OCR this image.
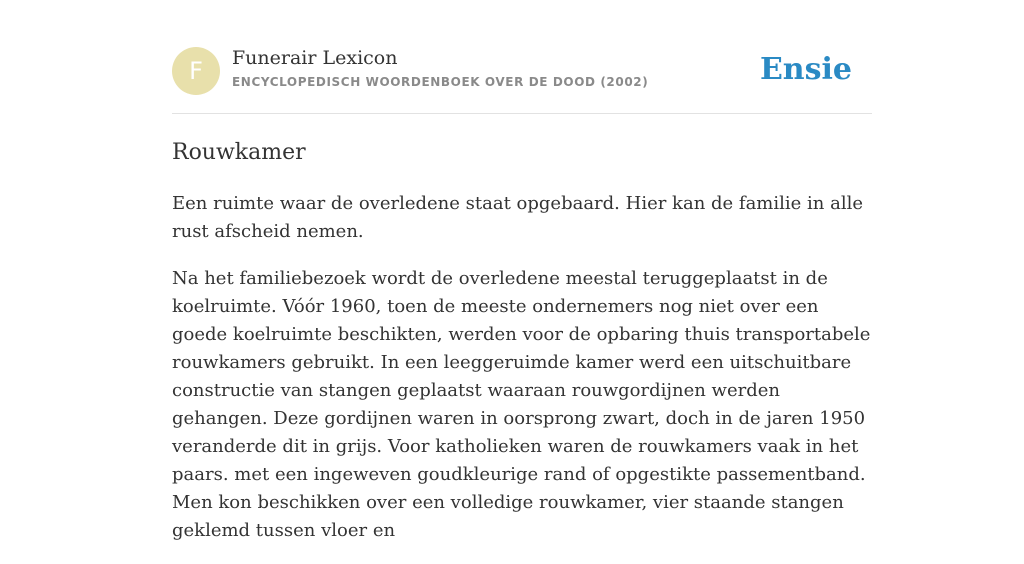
F	Funerair Lexicon
ENCYCLOPEDISCH WOORDENBOEK OVER DE DOOD (2002)	Ensie
Rouwkamer

Een ruimte waar de overledene staat opgebaard. Hier kan de familie in alle rust afscheid nemen.

Na het familiebezoek wordt de overledene meestal teruggeplaatst in de koelruimte. Vóór 1960, toen de meeste ondernemers nog niet over een goede koelruimte beschikten, werden voor de opbaring thuis transportabele rouwkamers gebruikt. In een leeggeruimde kamer werd een uitschuitbare constructie van stangen geplaatst waaraan rouwgordijnen werden gehangen. Deze gordijnen waren in oorsprong zwart, doch in de jaren 1950 veranderde dit in grijs. Voor katholieken waren de rouwkamers vaak in het paars. met een ingeweven goudkleurige rand of opgestikte passementband. Men kon beschikken over een volledige rouwkamer, vier staande stangen geklemd tussen vloer en
